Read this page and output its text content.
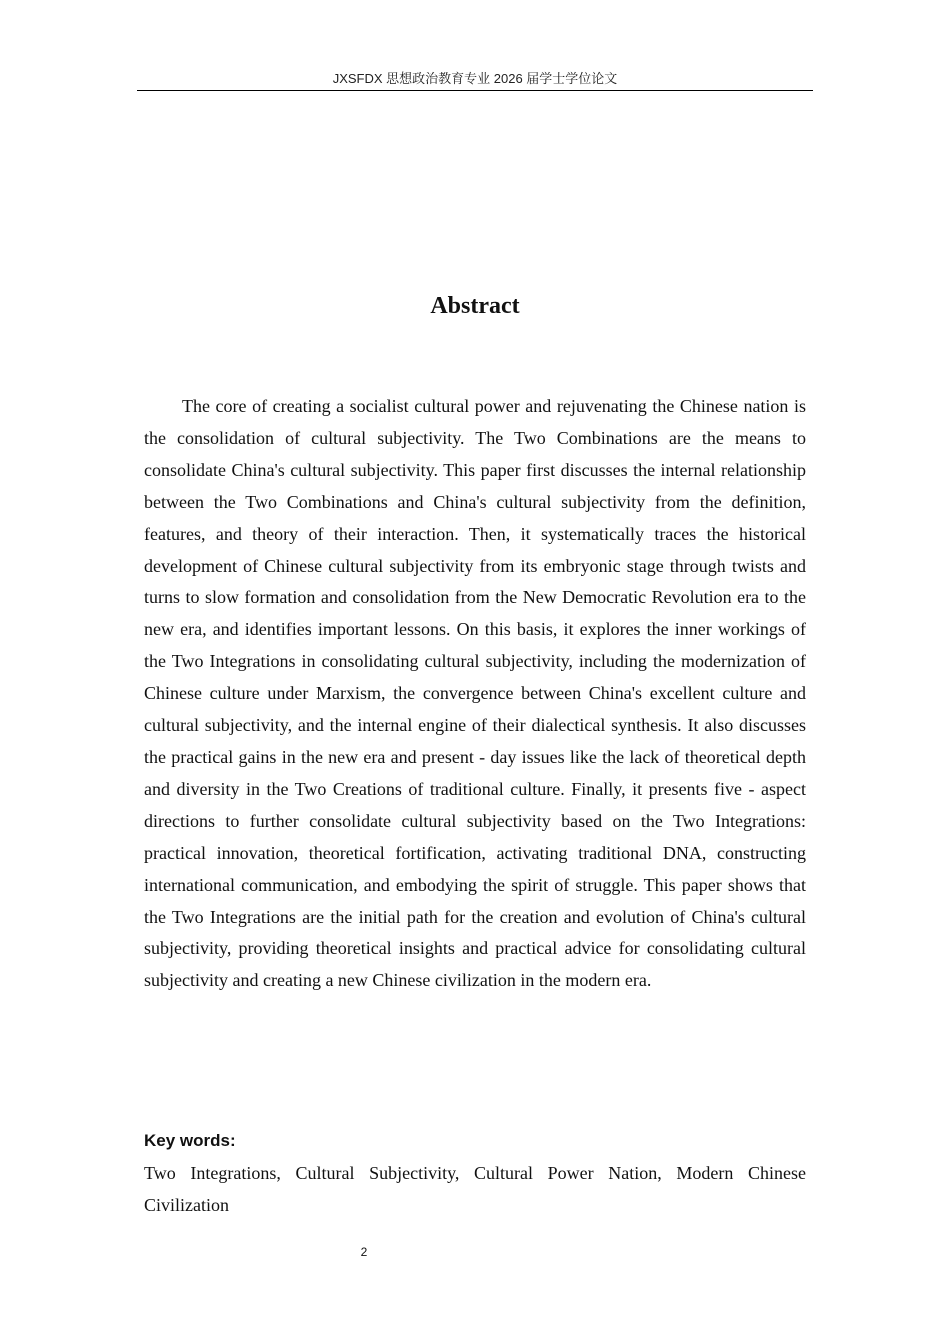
JXSFDX 思想政治教育专业 2026 届学士学位论文
Abstract

The core of creating a socialist cultural power and rejuvenating the Chinese nation is the consolidation of cultural subjectivity. The Two Combinations are the means to consolidate China's cultural subjectivity. This paper first discusses the internal relationship between the Two Combinations and China's cultural subjectivity from the definition, features, and theory of their interaction. Then, it systematically traces the historical development of Chinese cultural subjectivity from its embryonic stage through twists and turns to slow formation and consolidation from the New Democratic Revolution era to the new era, and identifies important lessons. On this basis, it explores the inner workings of the Two Integrations in consolidating cultural subjectivity, including the modernization of Chinese culture under Marxism, the convergence between China's excellent culture and cultural subjectivity, and the internal engine of their dialectical synthesis. It also discusses the practical gains in the new era and present - day issues like the lack of theoretical depth and diversity in the Two Creations of traditional culture. Finally, it presents five - aspect directions to further consolidate cultural subjectivity based on the Two Integrations: practical innovation, theoretical fortification, activating traditional DNA, constructing international communication, and embodying the spirit of struggle. This paper shows that the Two Integrations are the initial path for the creation and evolution of China's cultural subjectivity, providing theoretical insights and practical advice for consolidating cultural subjectivity and creating a new Chinese civilization in the modern era.

Key words:

Two Integrations, Cultural Subjectivity, Cultural Power Nation, Modern Chinese Civilization

2
